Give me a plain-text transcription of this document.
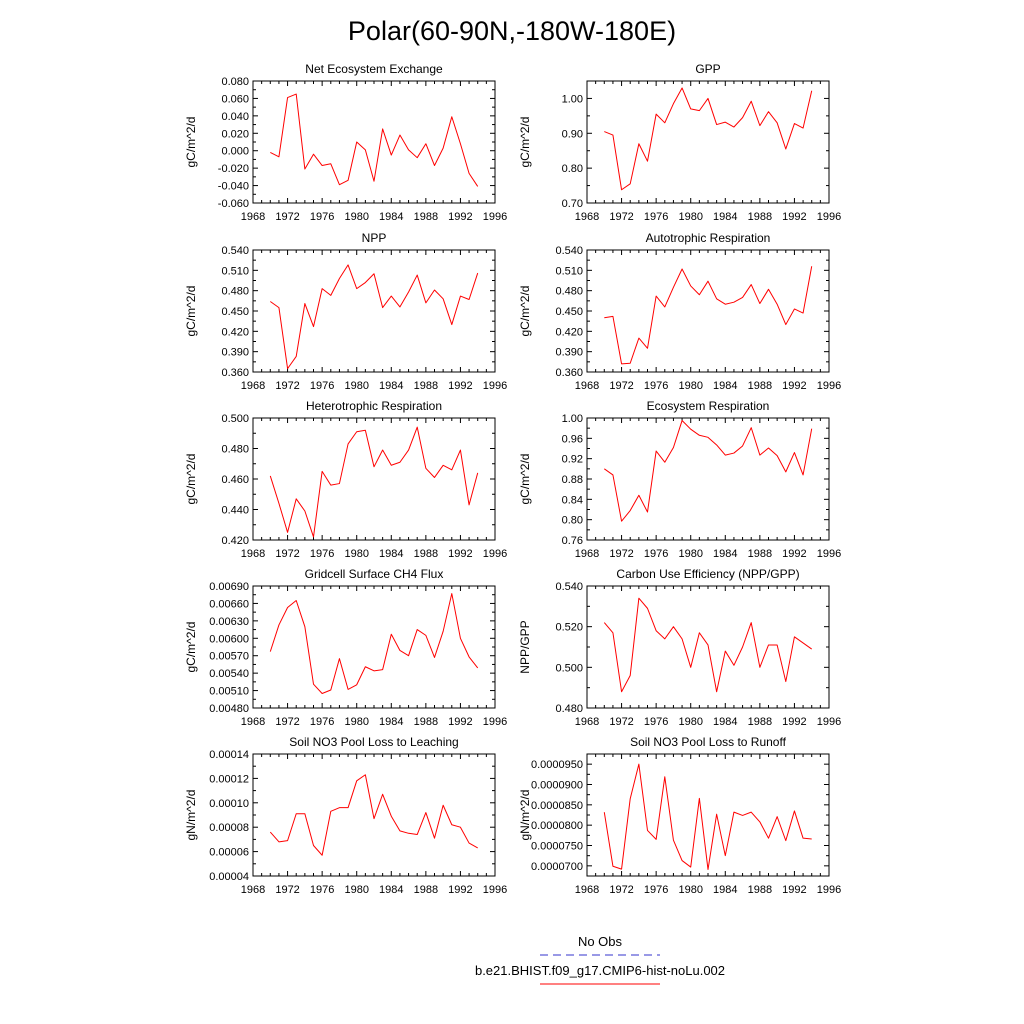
Polar(60-90N,-180W-180E)
1968 1972 1976 1980 1984 1988 1992 1996
-0.060
-0.040
-0.020
0.000
0.020
0.040
0.060
0.080
Net Ecosystem Exchange
gC/m^2/d
1968 1972 1976 1980 1984 1988 1992 1996
0.70
0.80
0.90
1.00
GPP
gC/m^2/d
1968 1972 1976 1980 1984 1988 1992 1996
0.360
0.390
0.420
0.450
0.480
0.510
0.540
NPP
gC/m^2/d
1968 1972 1976 1980 1984 1988 1992 1996
0.360
0.390
0.420
0.450
0.480
0.510
0.540
Autotrophic Respiration
gC/m^2/d
1968 1972 1976 1980 1984 1988 1992 1996
0.420
0.440
0.460
0.480
0.500
Heterotrophic Respiration
gC/m^2/d
1968 1972 1976 1980 1984 1988 1992 1996
0.76
0.80
0.84
0.88
0.92
0.96
1.00
Ecosystem Respiration
gC/m^2/d
1968 1972 1976 1980 1984 1988 1992 1996
0.00480
0.00510
0.00540
0.00570
0.00600
0.00630
0.00660
0.00690
Gridcell Surface CH4 Flux
gC/m^2/d
1968 1972 1976 1980 1984 1988 1992 1996
0.480
0.500
0.520
0.540
Carbon Use Efficiency (NPP/GPP)
NPP/GPP
1968 1972 1976 1980 1984 1988 1992 1996
0.00004
0.00006
0.00008
0.00010
0.00012
0.00014
Soil NO3 Pool Loss to Leaching
gN/m^2/d
1968 1972 1976 1980 1984 1988 1992 1996
0.0000700
0.0000750
0.0000800
0.0000850
0.0000900
0.0000950
Soil NO3 Pool Loss to Runoff
gN/m^2/d
No Obs
b.e21.BHIST.f09_g17.CMIP6-hist-noLu.002
